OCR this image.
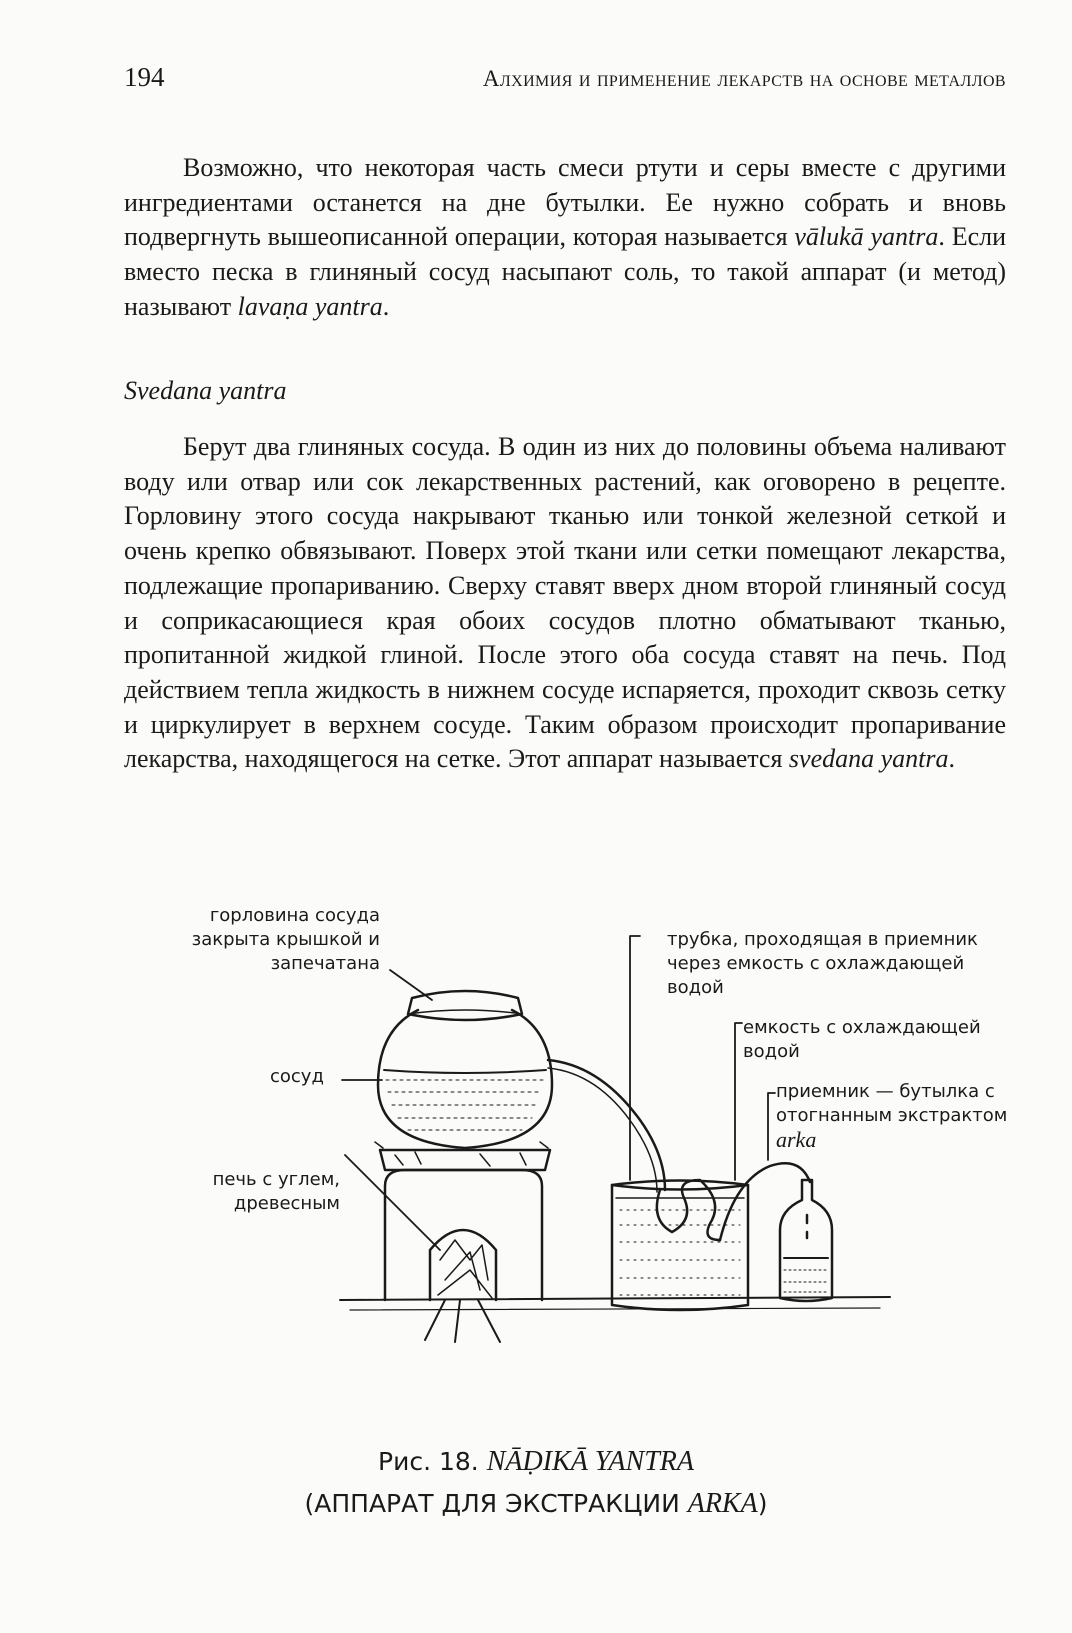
194	Алхимия и применение лекарств на основе металлов

Возможно, что некоторая часть смеси ртути и серы вместе с другими ингредиентами останется на дне бутылки. Ее нужно собрать и вновь подвергнуть вышеописанной операции, которая называется vālukā yantra. Если вместо песка в глиняный сосуд насыпают соль, то такой аппарат (и метод) называют lavaṇa yantra.

Svedana yantra

Берут два глиняных сосуда. В один из них до половины объема наливают воду или отвар или сок лекарственных растений, как оговорено в рецепте. Горловину этого сосуда накрывают тканью или тонкой железной сеткой и очень крепко обвязывают. Поверх этой ткани или сетки помещают лекарства, подлежащие пропариванию. Сверху ставят вверх дном второй глиняный сосуд и соприкасающиеся края обоих сосудов плотно обматывают тканью, пропитанной жидкой глиной. После этого оба сосуда ставят на печь. Под действием тепла жидкость в нижнем сосуде испаряется, проходит сквозь сетку и циркулирует в верхнем сосуде. Таким образом происходит пропаривание лекарства, находящегося на сетке. Этот аппарат называется svedana yantra.

горловина сосуда
закрыта крышкой и
запечатана
сосуд
печь с углем,
древесным
трубка, проходящая в приемник
через емкость с охлаждающей
водой
емкость с охлаждающей
водой
приемник — бутылка с
отогнанным экстрактом
arka
Рис. 18. NĀḌIKĀ YANTRA
(АППАРАТ ДЛЯ ЭКСТРАКЦИИ ARKA)
